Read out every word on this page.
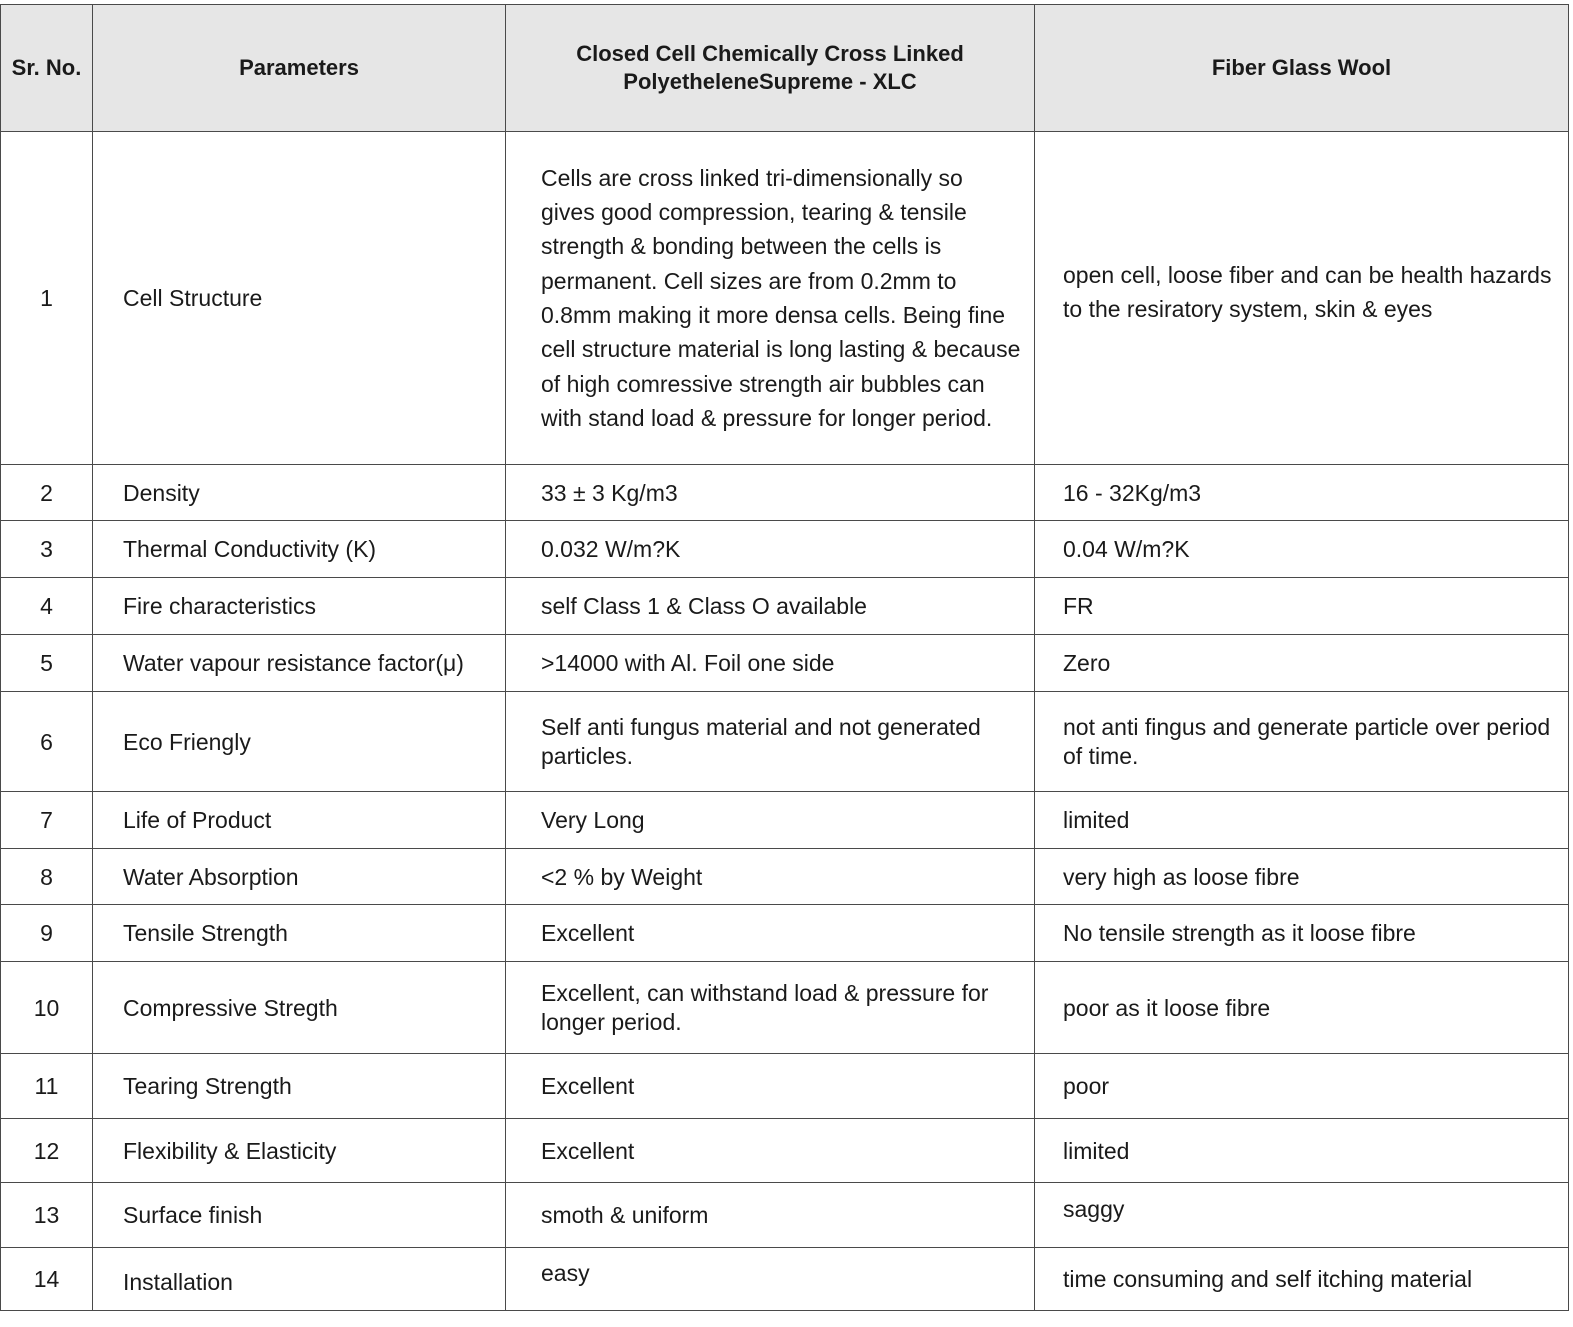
Sr. No.	Parameters	Closed Cell Chemically Cross Linked PolyetheleneSupreme - XLC	Fiber Glass Wool
1	Cell Structure	Cells are cross linked tri-dimensionally so gives good compression, tearing & tensile strength & bonding between the cells is permanent. Cell sizes are from 0.2mm to 0.8mm making it more densa cells. Being fine cell structure material is long lasting & because of high comressive strength air bubbles can with stand load & pressure for longer period.	open cell, loose fiber and can be health hazards to the resiratory system, skin & eyes

2	Density	33 ± 3 Kg/m3	16 - 32Kg/m3
3	Thermal Conductivity (K)	0.032 W/m?K	0.04 W/m?K
4	Fire characteristics	self Class 1 & Class O available	FR
5	Water vapour resistance factor(μ)	>14000 with Al. Foil one side	Zero
6	Eco Friengly	Self anti fungus material and not generated particles.	not anti fingus and generate particle over period of time.
7	Life of Product	Very Long	limited
8	Water Absorption	<2 % by Weight	very high as loose fibre
9	Tensile Strength	Excellent	No tensile strength as it loose fibre
10	Compressive Stregth	Excellent, can withstand load & pressure for longer period.	poor as it loose fibre
11	Tearing Strength	Excellent	poor
12	Flexibility & Elasticity	Excellent	limited
13	Surface finish	smoth & uniform	saggy

14	Installation	easy	time consuming and self itching material
